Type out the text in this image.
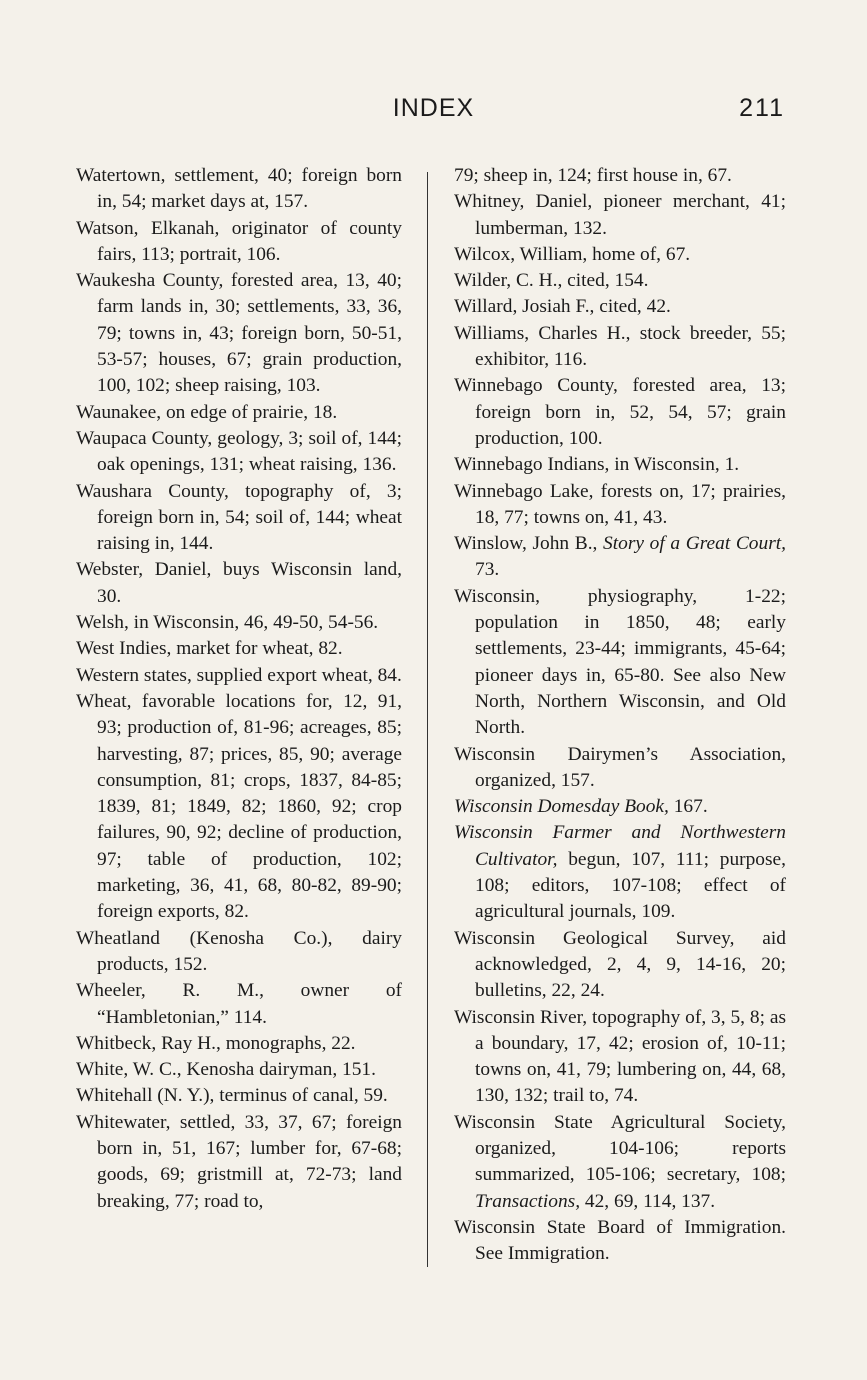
INDEX	211

Watertown, settlement, 40; foreign born in, 54; market days at, 157.

Watson, Elkanah, originator of county fairs, 113; portrait, 106.

Waukesha County, forested area, 13, 40; farm lands in, 30; settlements, 33, 36, 79; towns in, 43; foreign born, 50-51, 53-57; houses, 67; grain production, 100, 102; sheep raising, 103.

Waunakee, on edge of prairie, 18.

Waupaca County, geology, 3; soil of, 144; oak openings, 131; wheat raising, 136.

Waushara County, topography of, 3; foreign born in, 54; soil of, 144; wheat raising in, 144.

Webster, Daniel, buys Wisconsin land, 30.

Welsh, in Wisconsin, 46, 49-50, 54-56.

West Indies, market for wheat, 82.

Western states, supplied export wheat, 84.

Wheat, favorable locations for, 12, 91, 93; production of, 81-96; acreages, 85; harvesting, 87; prices, 85, 90; average consumption, 81; crops, 1837, 84-85; 1839, 81; 1849, 82; 1860, 92; crop failures, 90, 92; decline of production, 97; table of production, 102; marketing, 36, 41, 68, 80-82, 89-90; foreign exports, 82.

Wheatland (Kenosha Co.), dairy products, 152.

Wheeler, R. M., owner of “Hambletonian,” 114.

Whitbeck, Ray H., monographs, 22.

White, W. C., Kenosha dairyman, 151.

Whitehall (N. Y.), terminus of canal, 59.

Whitewater, settled, 33, 37, 67; foreign born in, 51, 167; lumber for, 67-68; goods, 69; gristmill at, 72-73; land breaking, 77; road to,

79; sheep in, 124; first house in, 67.

Whitney, Daniel, pioneer merchant, 41; lumberman, 132.

Wilcox, William, home of, 67.

Wilder, C. H., cited, 154.

Willard, Josiah F., cited, 42.

Williams, Charles H., stock breeder, 55; exhibitor, 116.

Winnebago County, forested area, 13; foreign born in, 52, 54, 57; grain production, 100.

Winnebago Indians, in Wisconsin, 1.

Winnebago Lake, forests on, 17; prairies, 18, 77; towns on, 41, 43.

Winslow, John B., Story of a Great Court, 73.

Wisconsin, physiography, 1-22; population in 1850, 48; early settlements, 23-44; immigrants, 45-64; pioneer days in, 65-80. See also New North, Northern Wisconsin, and Old North.

Wisconsin Dairymen’s Association, organized, 157.

Wisconsin Domesday Book, 167.

Wisconsin Farmer and Northwestern Cultivator, begun, 107, 111; purpose, 108; editors, 107-108; effect of agricultural journals, 109.

Wisconsin Geological Survey, aid acknowledged, 2, 4, 9, 14-16, 20; bulletins, 22, 24.

Wisconsin River, topography of, 3, 5, 8; as a boundary, 17, 42; erosion of, 10-11; towns on, 41, 79; lumbering on, 44, 68, 130, 132; trail to, 74.

Wisconsin State Agricultural Society, organized, 104-106; reports summarized, 105-106; secretary, 108; Transactions, 42, 69, 114, 137.

Wisconsin State Board of Immigration. See Immigration.
